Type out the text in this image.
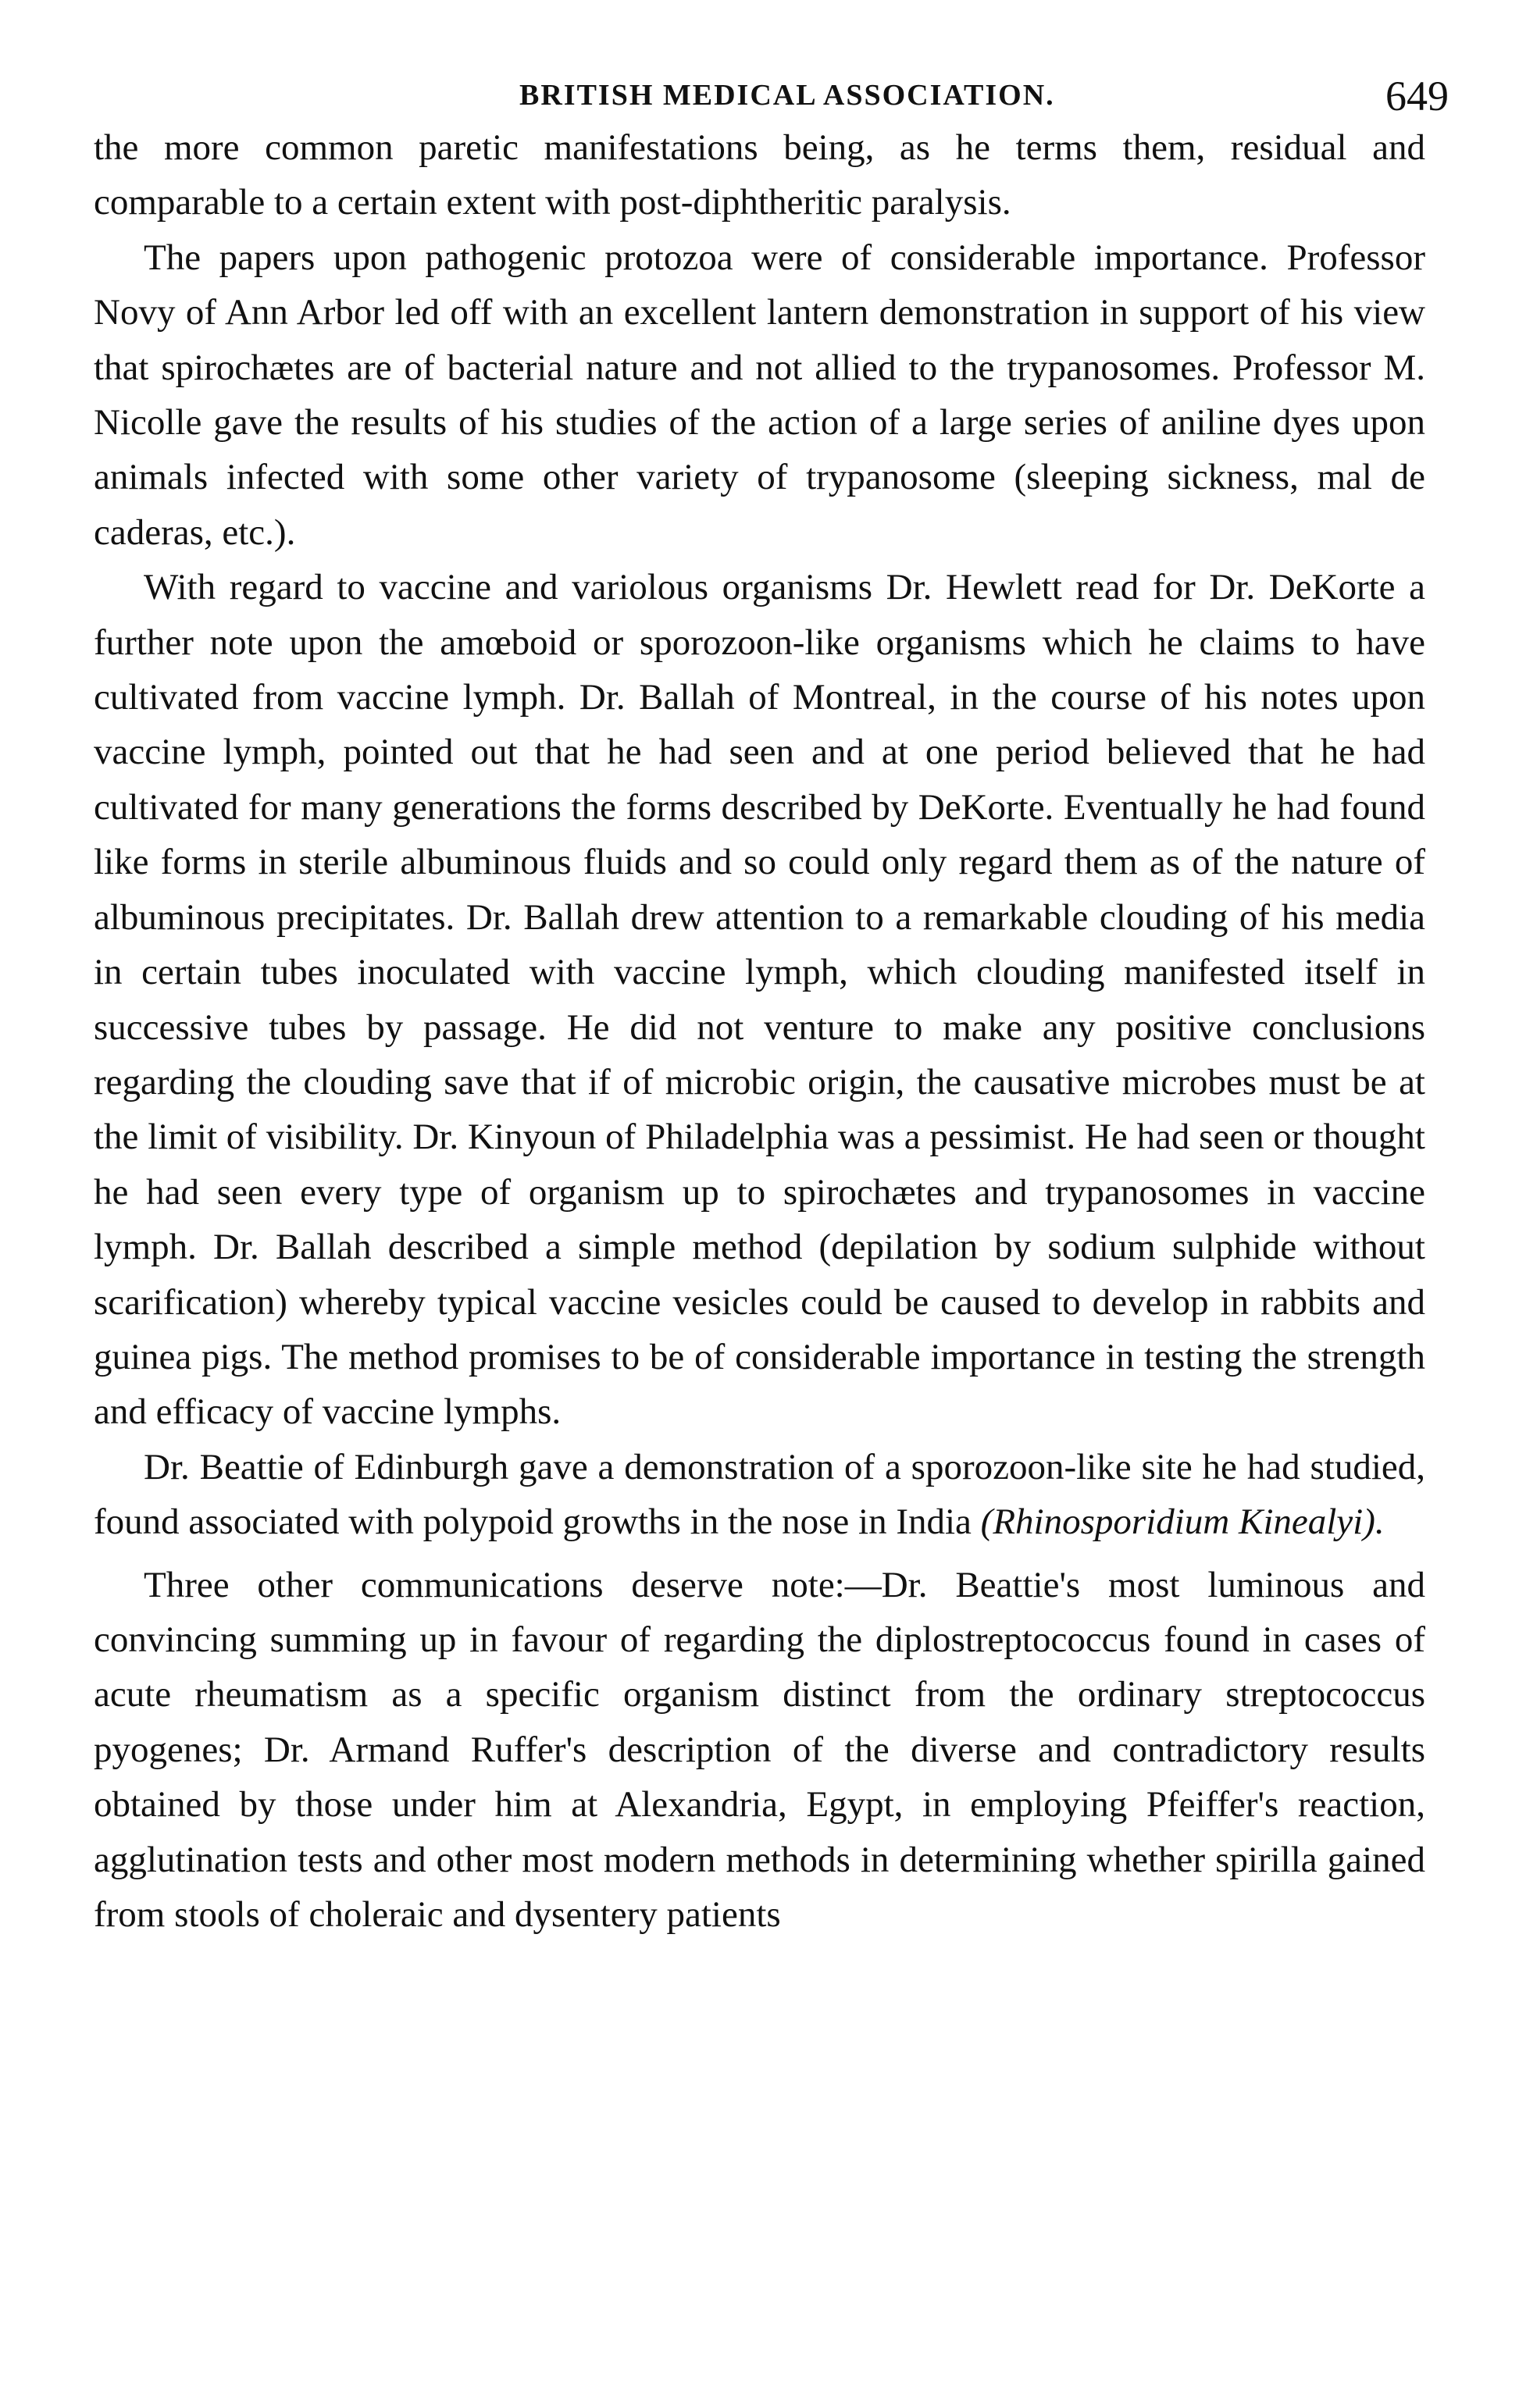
BRITISH MEDICAL ASSOCIATION.	649

the more common paretic manifestations being, as he terms them, residual and comparable to a certain extent with post-diphtheritic paralysis.

The papers upon pathogenic protozoa were of considerable importance. Professor Novy of Ann Arbor led off with an excellent lantern demonstration in support of his view that spirochætes are of bacterial nature and not allied to the trypanosomes. Professor M. Nicolle gave the results of his studies of the action of a large series of aniline dyes upon animals infected with some other variety of trypanosome (sleeping sickness, mal de caderas, etc.).

With regard to vaccine and variolous organisms Dr. Hewlett read for Dr. DeKorte a further note upon the amœboid or sporozoon-like organisms which he claims to have cultivated from vaccine lymph. Dr. Ballah of Montreal, in the course of his notes upon vaccine lymph, pointed out that he had seen and at one period believed that he had cultivated for many generations the forms described by DeKorte. Eventually he had found like forms in sterile albuminous fluids and so could only regard them as of the nature of albuminous precipitates. Dr. Ballah drew attention to a remarkable clouding of his media in certain tubes inoculated with vaccine lymph, which clouding manifested itself in successive tubes by passage. He did not venture to make any positive conclusions regarding the clouding save that if of microbic origin, the causative microbes must be at the limit of visibility. Dr. Kinyoun of Philadelphia was a pessimist. He had seen or thought he had seen every type of organism up to spirochætes and trypanosomes in vaccine lymph. Dr. Ballah described a simple method (depilation by sodium sulphide without scarification) whereby typical vaccine vesicles could be caused to develop in rabbits and guinea pigs. The method promises to be of considerable importance in testing the strength and efficacy of vaccine lymphs.

Dr. Beattie of Edinburgh gave a demonstration of a sporozoon-like site he had studied, found associated with polypoid growths in the nose in India (Rhinosporidium Kinealyi).

Three other communications deserve note:—Dr. Beattie's most luminous and convincing summing up in favour of regarding the diplostreptococcus found in cases of acute rheumatism as a specific organism distinct from the ordinary streptococcus pyogenes; Dr. Armand Ruffer's description of the diverse and contradictory results obtained by those under him at Alexandria, Egypt, in employing Pfeiffer's reaction, agglutination tests and other most modern methods in determining whether spirilla gained from stools of choleraic and dysentery patients
